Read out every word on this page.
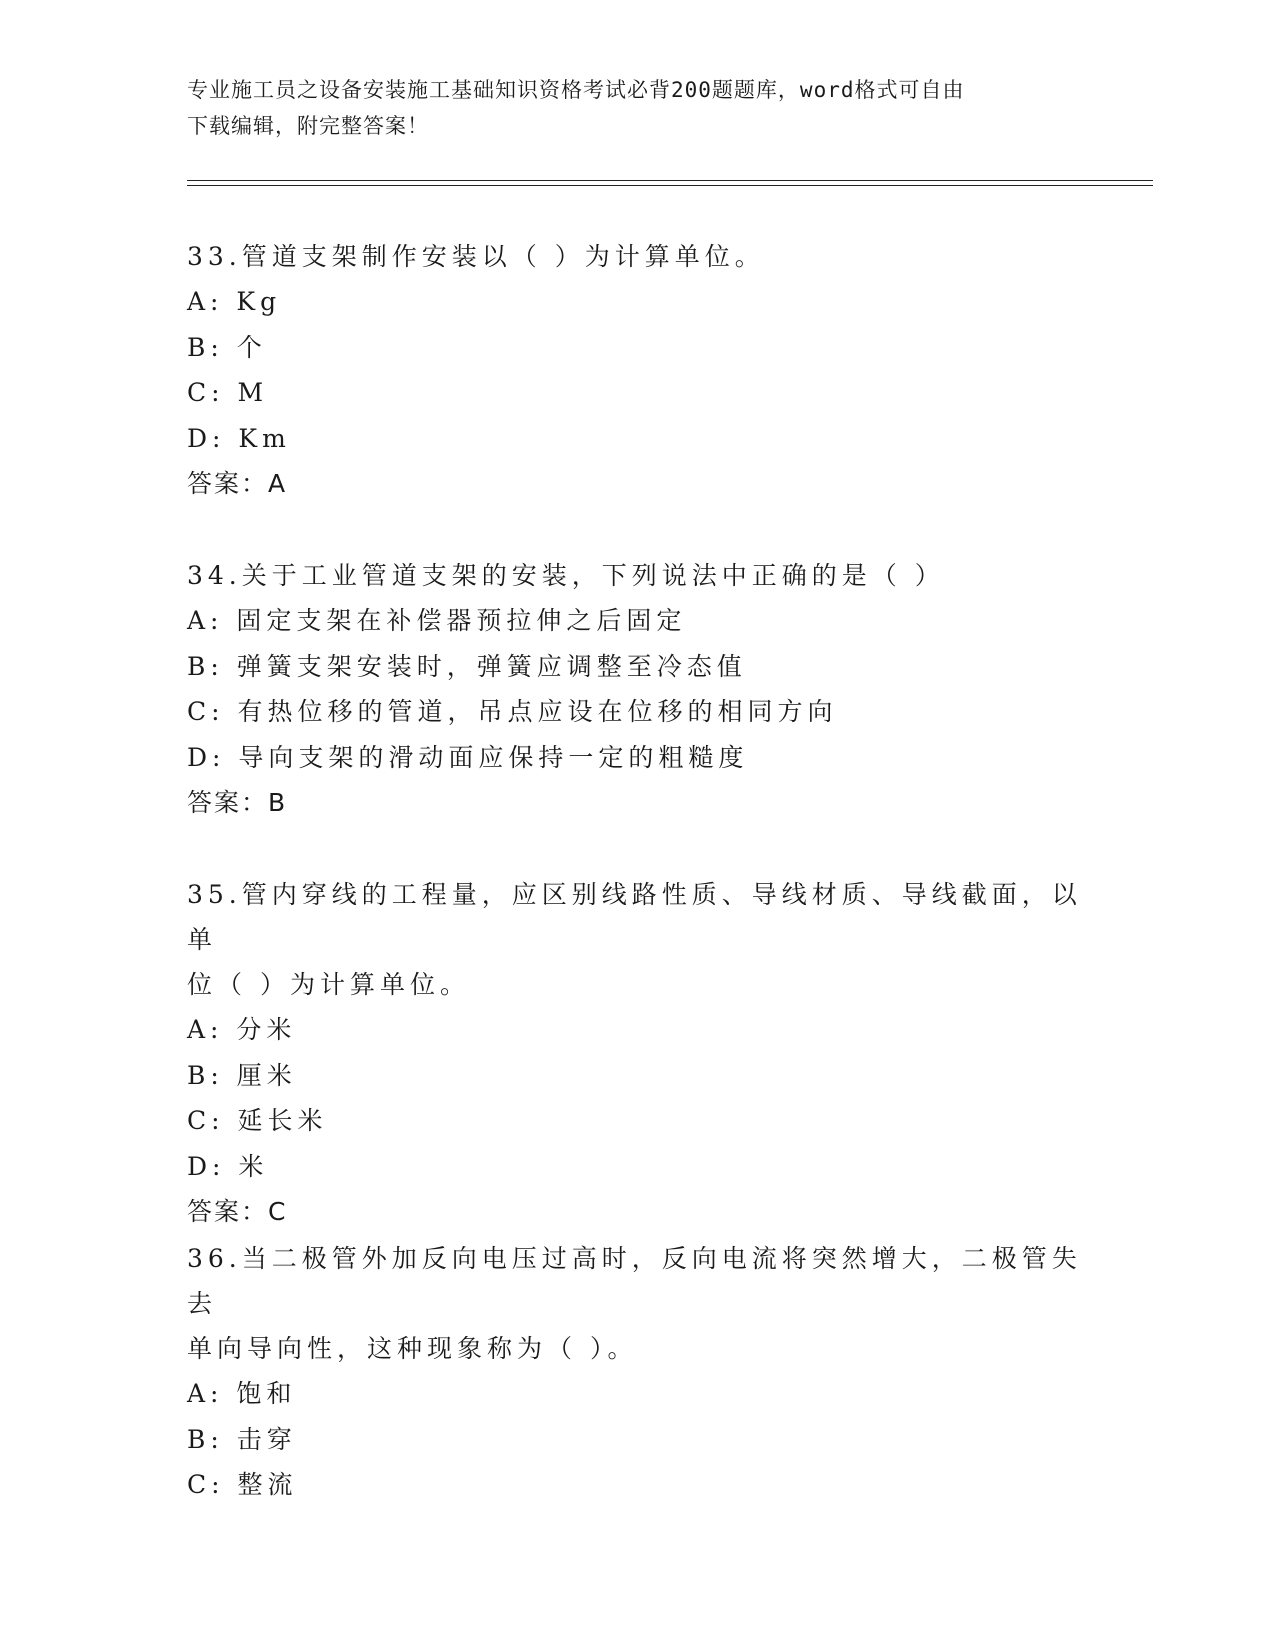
专业施工员之设备安装施工基础知识资格考试必背200题题库，word格式可自由
下载编辑，附完整答案！

33.管道支架制作安装以（ ）为计算单位。

A: Kg

B: 个

C: M

D: Km

答案：A

34.关于工业管道支架的安装，下列说法中正确的是（ ）

A: 固定支架在补偿器预拉伸之后固定

B: 弹簧支架安装时，弹簧应调整至冷态值

C: 有热位移的管道，吊点应设在位移的相同方向

D: 导向支架的滑动面应保持一定的粗糙度

答案：B

35.管内穿线的工程量，应区别线路性质、导线材质、导线截面，以单

位（ ）为计算单位。

A: 分米

B: 厘米

C: 延长米

D: 米

答案：C

36.当二极管外加反向电压过高时，反向电流将突然增大，二极管失去

单向导向性，这种现象称为（ ）。

A: 饱和

B: 击穿

C: 整流
